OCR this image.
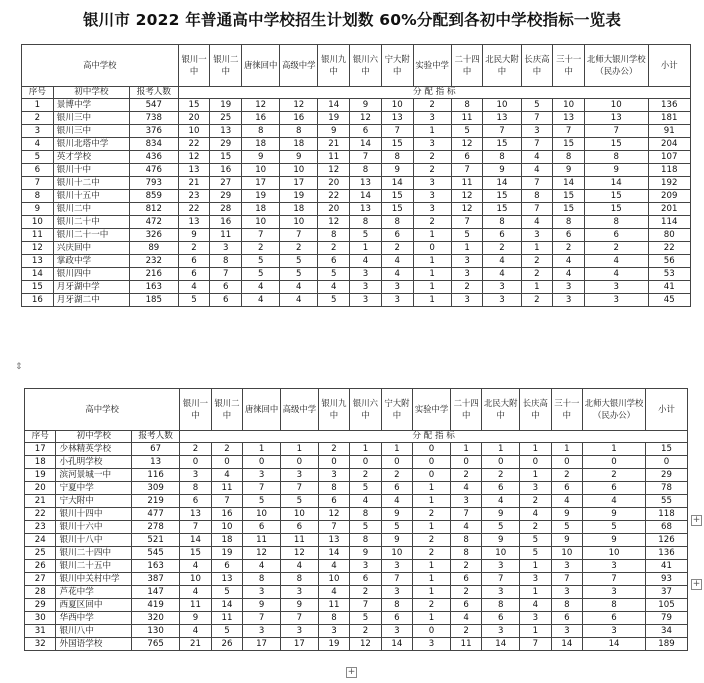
银川市 2022 年普通高中学校招生计划数 60%分配到各初中学校指标一览表
⇕
+
+
+
高中学校			银川一中	银川二中	唐徕回中	高级中学	银川九中	银川六中	宁大附中	实验中学	二十四中	北民大附中	长庆高中	三十一中	北师大银川学校（民办公）	小计
序号	初中学校	报考人数	分 配 指 标													
1	景博中学	547	15	19	12	12	14	9	10	2	8	10	5	10	10	136
2	银川三中	738	20	25	16	16	19	12	13	3	11	13	7	13	13	181
3	银川三中	376	10	13	8	8	9	6	7	1	5	7	3	7	7	91
4	银川北塔中学	834	22	29	18	18	21	14	15	3	12	15	7	15	15	204
5	英才学校	436	12	15	9	9	11	7	8	2	6	8	4	8	8	107
6	银川十中	476	13	16	10	10	12	8	9	2	7	9	4	9	9	118
7	银川十二中	793	21	27	17	17	20	13	14	3	11	14	7	14	14	192
8	银川十五中	859	23	29	19	19	22	14	15	3	12	15	8	15	15	209
9	银川二中	812	22	28	18	18	20	13	15	3	12	15	7	15	15	201
10	银川二十中	472	13	16	10	10	12	8	8	2	7	8	4	8	8	114
11	银川二十一中	326	9	11	7	7	8	5	6	1	5	6	3	6	6	80
12	兴庆回中	89	2	3	2	2	2	1	2	0	1	2	1	2	2	22
13	掌政中学	232	6	8	5	5	6	4	4	1	3	4	2	4	4	56
14	银川四中	216	6	7	5	5	5	3	4	1	3	4	2	4	4	53
15	月牙湖中学	163	4	6	4	4	4	3	3	1	2	3	1	3	3	41
16	月牙湖二中	185	5	6	4	4	5	3	3	1	3	3	2	3	3	45
高中学校			银川一中	银川二中	唐徕回中	高级中学	银川九中	银川六中	宁大附中	实验中学	二十四中	北民大附中	长庆高中	三十一中	北师大银川学校（民办公）	小计
序号	初中学校	报考人数	分 配 指 标													
17	少林精英学校	67	2	2	1	1	2	1	1	0	1	1	1	1	1	15
18	小孔明学校	13	0	0	0	0	0	0	0	0	0	0	0	0	0	0
19	滨河景城一中	116	3	4	3	3	3	2	2	0	2	2	1	2	2	29
20	宁夏中学	309	8	11	7	7	8	5	6	1	4	6	3	6	6	78
21	宁大附中	219	6	7	5	5	6	4	4	1	3	4	2	4	4	55
22	银川十四中	477	13	16	10	10	12	8	9	2	7	9	4	9	9	118
23	银川十六中	278	7	10	6	6	7	5	5	1	4	5	2	5	5	68
24	银川十八中	521	14	18	11	11	13	8	9	2	8	9	5	9	9	126
25	银川二十四中	545	15	19	12	12	14	9	10	2	8	10	5	10	10	136
26	银川二十五中	163	4	6	4	4	4	3	3	1	2	3	1	3	3	41
27	银川中关村中学	387	10	13	8	8	10	6	7	1	6	7	3	7	7	93
28	芦花中学	147	4	5	3	3	4	2	3	1	2	3	1	3	3	37
29	西夏区回中	419	11	14	9	9	11	7	8	2	6	8	4	8	8	105
30	华西中学	320	9	11	7	7	8	5	6	1	4	6	3	6	6	79
31	银川八中	130	4	5	3	3	3	2	3	0	2	3	1	3	3	34
32	外国语学校	765	21	26	17	17	19	12	14	3	11	14	7	14	14	189
